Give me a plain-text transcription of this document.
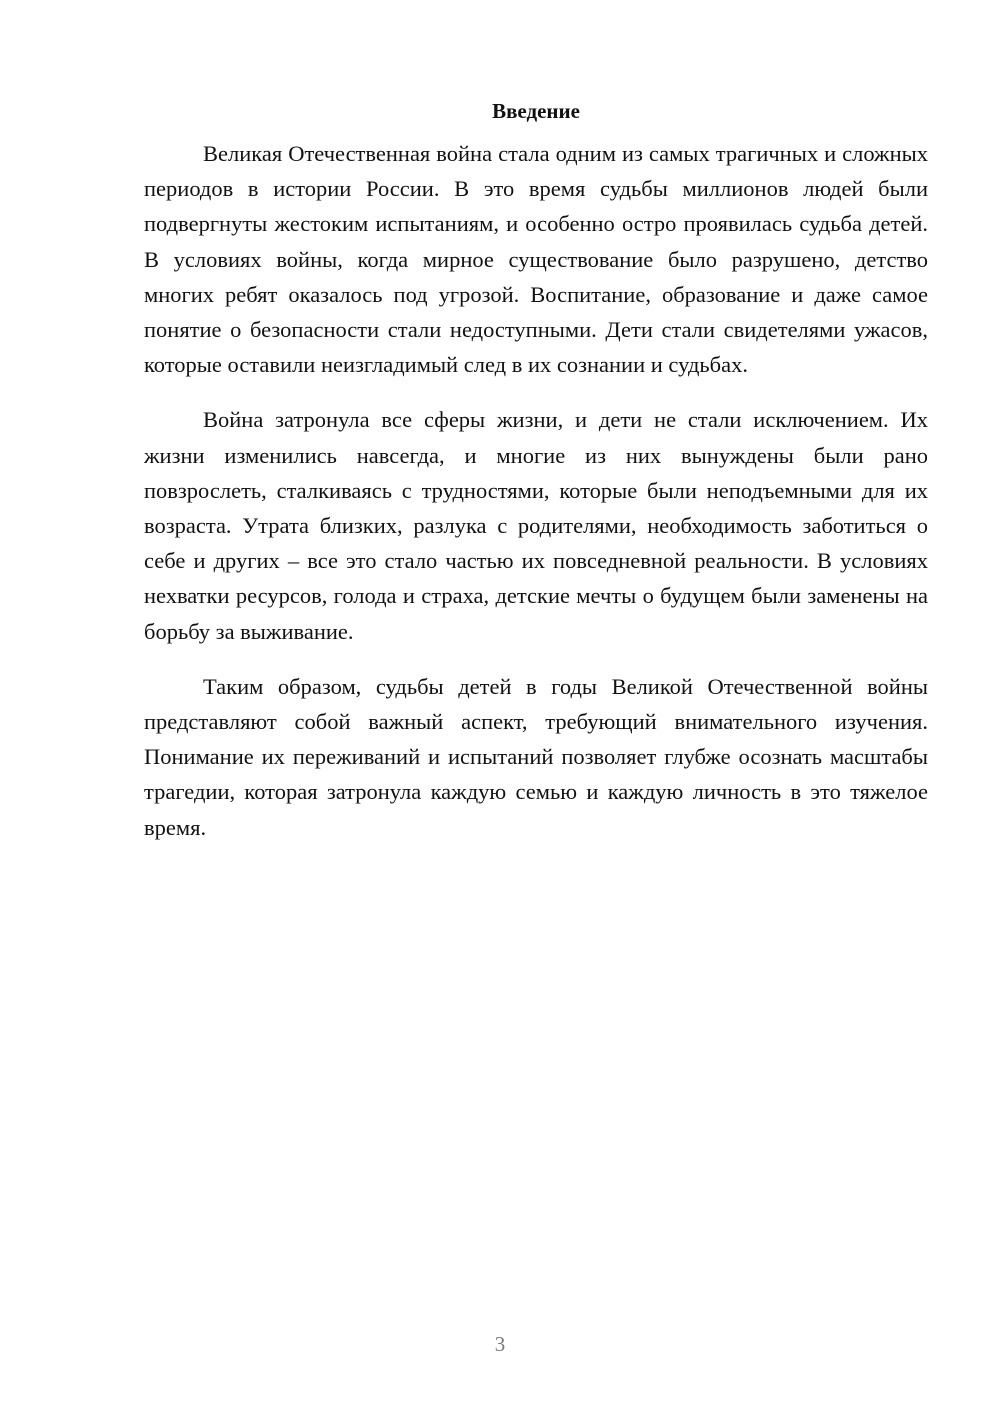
Введение

Великая Отечественная война стала одним из самых трагичных и сложных периодов в истории России. В это время судьбы миллионов людей были подвергнуты жестоким испытаниям, и особенно остро проявилась судьба детей. В условиях войны, когда мирное существование было разрушено, детство многих ребят оказалось под угрозой. Воспитание, образование и даже самое понятие о безопасности стали недоступными. Дети стали свидетелями ужасов, которые оставили неизгладимый след в их сознании и судьбах.

Война затронула все сферы жизни, и дети не стали исключением. Их жизни изменились навсегда, и многие из них вынуждены были рано повзрослеть, сталкиваясь с трудностями, которые были неподъемными для их возраста. Утрата близких, разлука с родителями, необходимость заботиться о себе и других – все это стало частью их повседневной реальности. В условиях нехватки ресурсов, голода и страха, детские мечты о будущем были заменены на борьбу за выживание.

Таким образом, судьбы детей в годы Великой Отечественной войны представляют собой важный аспект, требующий внимательного изучения. Понимание их переживаний и испытаний позволяет глубже осознать масштабы трагедии, которая затронула каждую семью и каждую личность в это тяжелое время.

3
